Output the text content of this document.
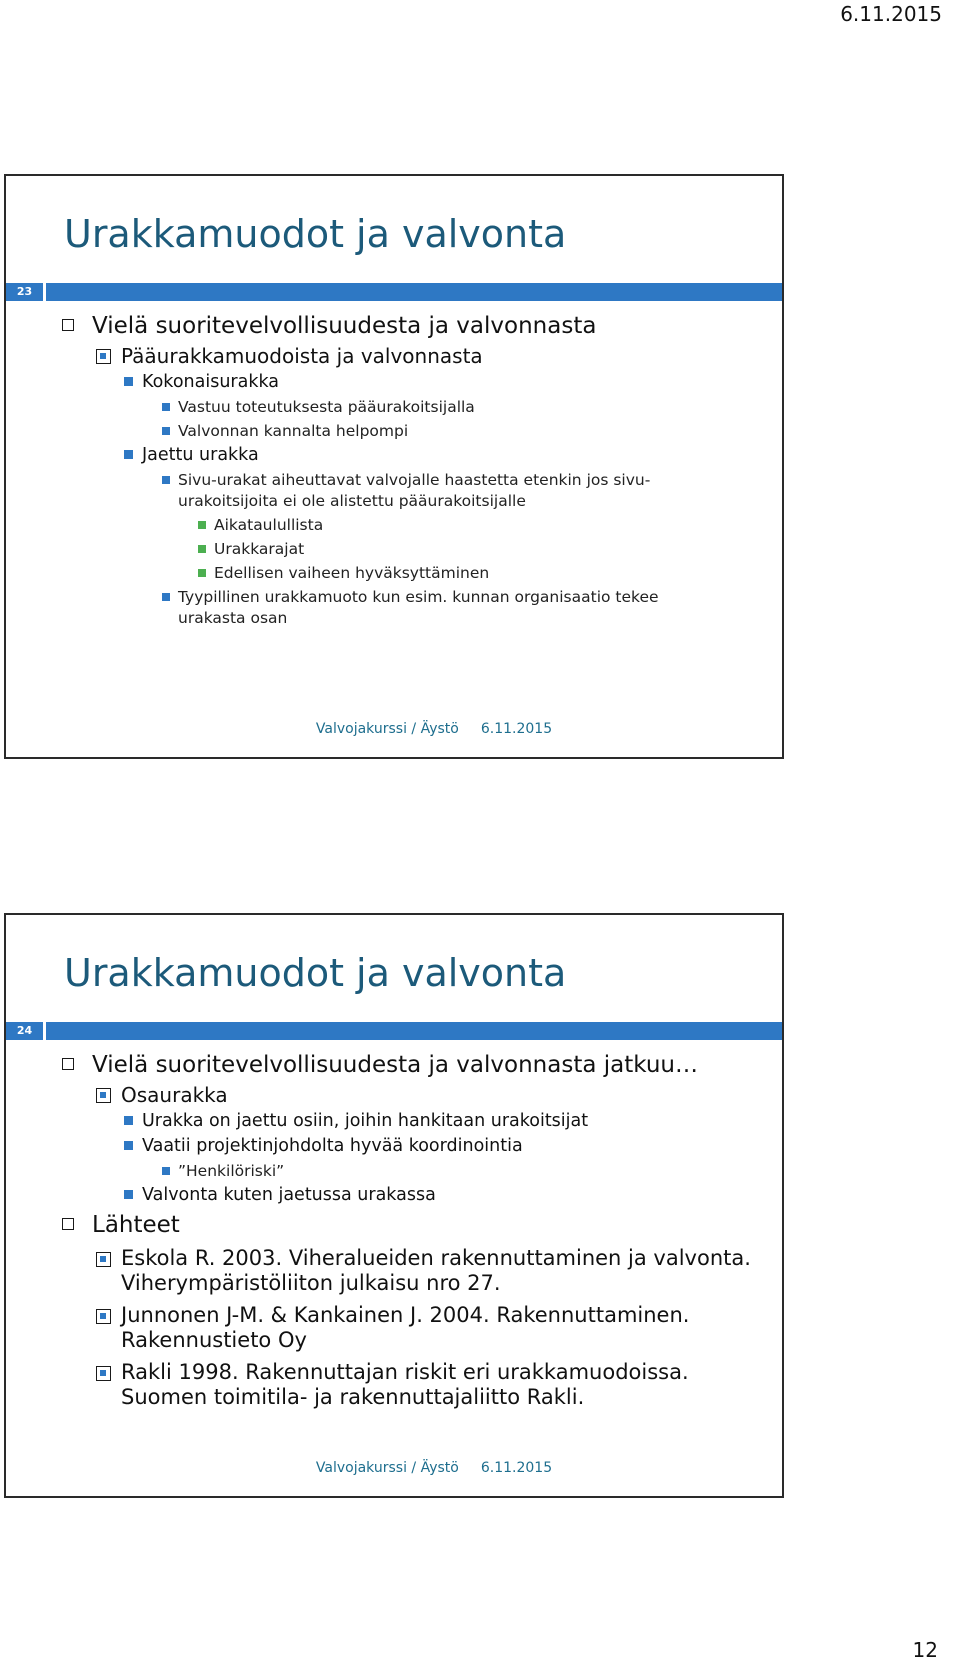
6.11.2015
Urakkamuodot ja valvonta
23
Vielä suoritevelvollisuudesta ja valvonnasta
Pääurakkamuodoista ja valvonnasta
Kokonaisurakka
Vastuu toteutuksesta pääurakoitsijalla
Valvonnan kannalta helpompi
Jaettu urakka
Sivu-urakat aiheuttavat valvojalle haastetta etenkin jos sivu-urakoitsijoita ei ole alistettu pääurakoitsijalle
Aikataulullista
Urakkarajat
Edellisen vaiheen hyväksyttäminen
Tyypillinen urakkamuoto kun esim. kunnan organisaatio tekee urakasta osan
Valvojakurssi / Äystö 6.11.2015
Urakkamuodot ja valvonta
24
Vielä suoritevelvollisuudesta ja valvonnasta jatkuu…
Osaurakka
Urakka on jaettu osiin, joihin hankitaan urakoitsijat
Vaatii projektinjohdolta hyvää koordinointia
”Henkilöriski”
Valvonta kuten jaetussa urakassa
Lähteet
Eskola R. 2003. Viheralueiden rakennuttaminen ja valvonta. Viherympäristöliiton julkaisu nro 27.
Junnonen J-M. & Kankainen J. 2004. Rakennuttaminen. Rakennustieto Oy
Rakli 1998. Rakennuttajan riskit eri urakkamuodoissa. Suomen toimitila- ja rakennuttajaliitto Rakli.
Valvojakurssi / Äystö 6.11.2015
12
